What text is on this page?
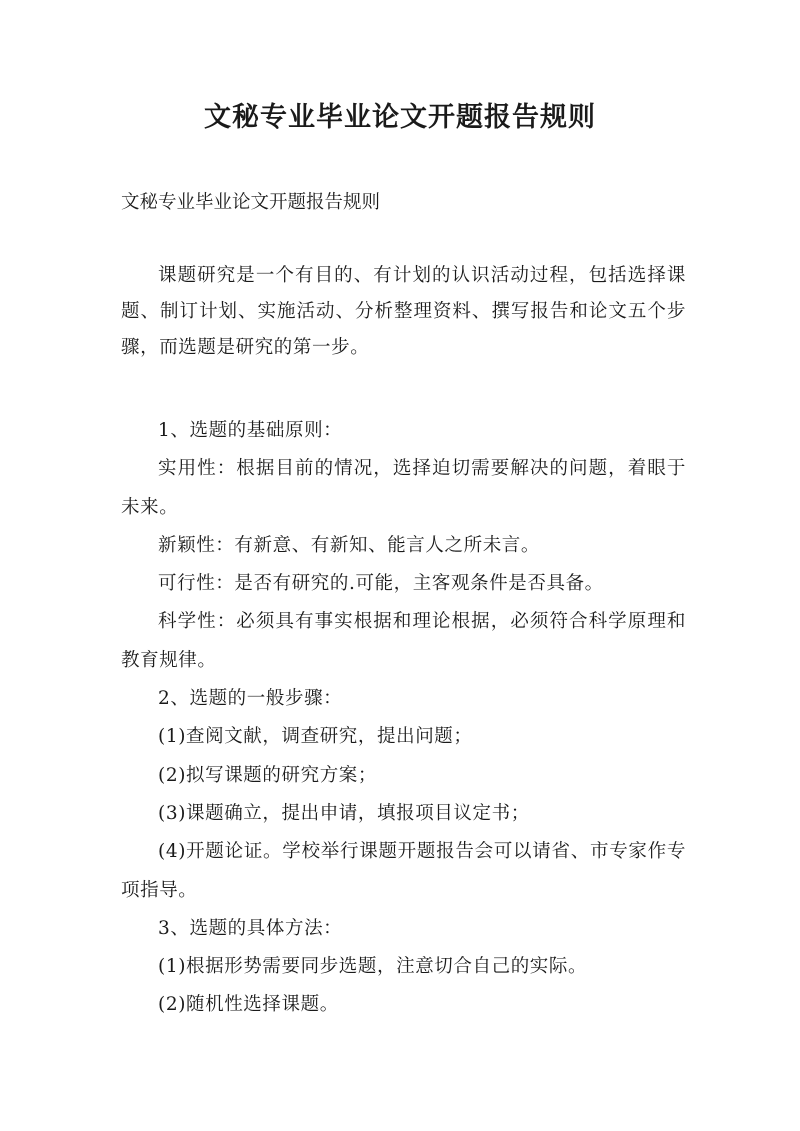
文秘专业毕业论文开题报告规则
文秘专业毕业论文开题报告规则
课题研究是一个有目的、有计划的认识活动过程，包括选择课题、制订计划、实施活动、分析整理资料、撰写报告和论文五个步骤，而选题是研究的第一步。

1、选题的基础原则：

实用性：根据目前的情况，选择迫切需要解决的问题，着眼于未来。

新颖性：有新意、有新知、能言人之所未言。

可行性：是否有研究的.可能，主客观条件是否具备。

科学性：必须具有事实根据和理论根据，必须符合科学原理和教育规律。

2、选题的一般步骤：

(1)查阅文献，调查研究，提出问题；

(2)拟写课题的研究方案；

(3)课题确立，提出申请，填报项目议定书；

(4)开题论证。学校举行课题开题报告会可以请省、市专家作专项指导。

3、选题的具体方法：

(1)根据形势需要同步选题，注意切合自己的实际。

(2)随机性选择课题。
